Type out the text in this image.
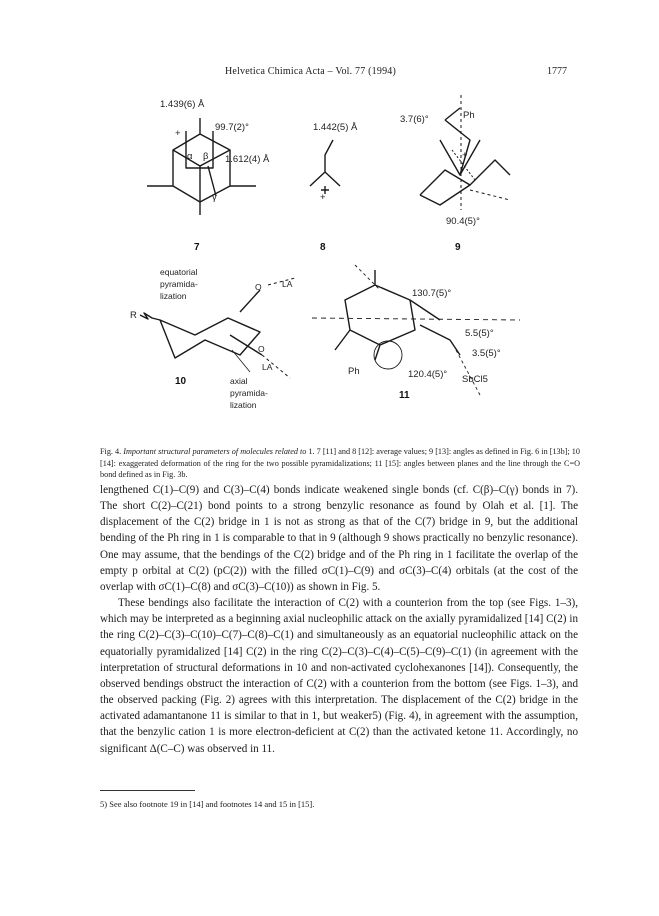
Helvetica Chimica Acta – Vol. 77 (1994)	1777
1.439(6) Å
99.7(2)°
1.612(4) Å
+
α β
γ
7
1.442(5) Å
+
8
3.7(6)°	Ph
+
90.4(5)°
9
equatorial
pyramida-
lization
O LA
R
O
LA
axial
pyramida-
lization
10
130.7(5)°
5.5(5)°
3.5(5)°
Ph	120.4(5)° SbCl5
11
Fig. 4. Important structural parameters of molecules related to 1. 7 [11] and 8 [12]: average values; 9 [13]: angles as defined in Fig. 6 in [13b]; 10 [14]: exaggerated deformation of the ring for the two possible pyramidalizations; 11 [15]: angles between planes and the line through the C=O bond defined as in Fig. 3b.

lengthened C(1)–C(9) and C(3)–C(4) bonds indicate weakened single bonds (cf. C(β)–C(γ) bonds in 7). The short C(2)–C(21) bond points to a strong benzylic resonance as found by Olah et al. [1]. The displacement of the C(2) bridge in 1 is not as strong as that of the C(7) bridge in 9, but the additional bending of the Ph ring in 1 is comparable to that in 9 (although 9 shows practically no benzylic resonance). One may assume, that the bendings of the C(2) bridge and of the Ph ring in 1 facilitate the overlap of the empty p orbital at C(2) (pC(2)) with the filled σC(1)–C(9) and σC(3)–C(4) orbitals (at the cost of the overlap with σC(1)–C(8) and σC(3)–C(10)) as shown in Fig. 5.

These bendings also facilitate the interaction of C(2) with a counterion from the top (see Figs. 1–3), which may be interpreted as a beginning axial nucleophilic attack on the axially pyramidalized [14] C(2) in the ring C(2)–C(3)–C(10)–C(7)–C(8)–C(1) and simultaneously as an equatorial nucleophilic attack on the equatorially pyramidalized [14] C(2) in the ring C(2)–C(3)–C(4)–C(5)–C(9)–C(1) (in agreement with the interpretation of structural deformations in 10 and non-activated cyclohexanones [14]). Consequently, the observed bendings obstruct the interaction of C(2) with a counterion from the bottom (see Figs. 1–3), and the observed packing (Fig. 2) agrees with this interpretation. The displacement of the C(2) bridge in the activated adamantanone 11 is similar to that in 1, but weaker5) (Fig. 4), in agreement with the assumption, that the benzylic cation 1 is more electron-deficient at C(2) than the activated ketone 11. Accordingly, no significant Δ(C–C) was observed in 11.

5) See also footnote 19 in [14] and footnotes 14 and 15 in [15].
